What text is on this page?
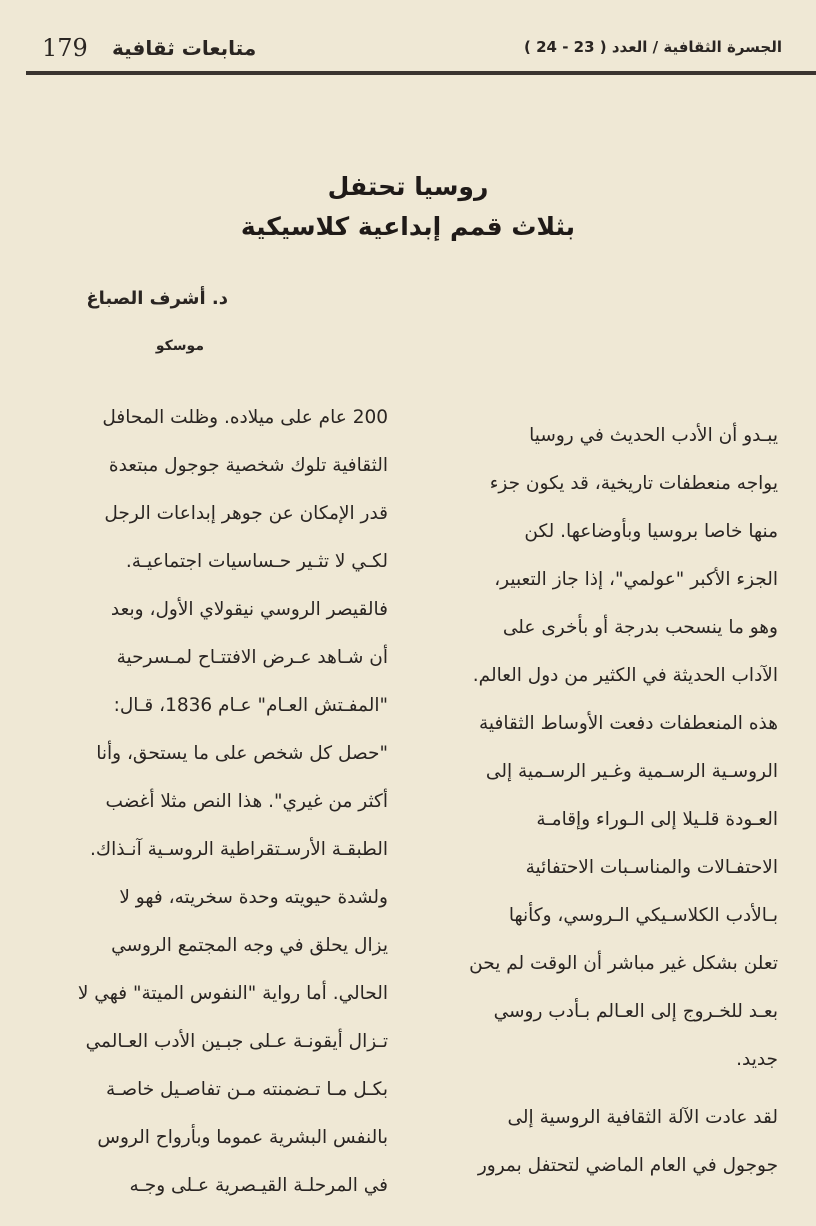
179 متابعات ثقافية	الجسرة الثقافية / العدد ( 23 - 24 )
روسيا تحتفل
بثلاث قمم إبداعية كلاسيكية
د. أشرف الصباغ
موسكو
يبـدو أن الأدب الحديث في روسيا
يواجه منعطفات تاريخية، قد يكون جزء
منها خاصا بروسيا وبأوضاعها. لكن
الجزء الأكبر "عولمي"، إذا جاز التعبير،
وهو ما ينسحب بدرجة أو بأخرى على
الآداب الحديثة في الكثير من دول العالم.
هذه المنعطفات دفعت الأوساط الثقافية
الروسـية الرسـمية وغـير الرسـمية إلى
العـودة قلـيلا إلى الـوراء وإقامـة
الاحتفـالات والمناسـبات الاحتفائية
بـالأدب الكلاسـيكي الـروسي، وكأنها
تعلن بشكل غير مباشر أن الوقت لم يحن
بعـد للخـروج إلى العـالم بـأدب روسي
جديد.
لقد عادت الآلة الثقافية الروسية إلى
جوجول في العام الماضي لتحتفل بمرور
200 عام على ميلاده. وظلت المحافل
الثقافية تلوك شخصية جوجول مبتعدة
قدر الإمكان عن جوهر إبداعات الرجل
لكـي لا تثـير حـساسيات اجتماعيـة.
فالقيصر الروسي نيقولاي الأول، وبعد
أن شـاهد عـرض الافتتـاح لمـسرحية
"المفـتش العـام" عـام 1836، قـال:
"حصل كل شخص على ما يستحق، وأنا
أكثر من غيري". هذا النص مثلا أغضب
الطبقـة الأرسـتقراطية الروسـية آنـذاك.
ولشدة حيويته وحدة سخريته، فهو لا
يزال يحلق في وجه المجتمع الروسي
الحالي. أما رواية "النفوس الميتة" فهي لا
تـزال أيقونـة عـلى جبـين الأدب العـالمي
بكـل مـا تـضمنته مـن تفاصـيل خاصـة
بالنفس البشرية عموما وبأرواح الروس
في المرحلـة القيـصرية عـلى وجـه
